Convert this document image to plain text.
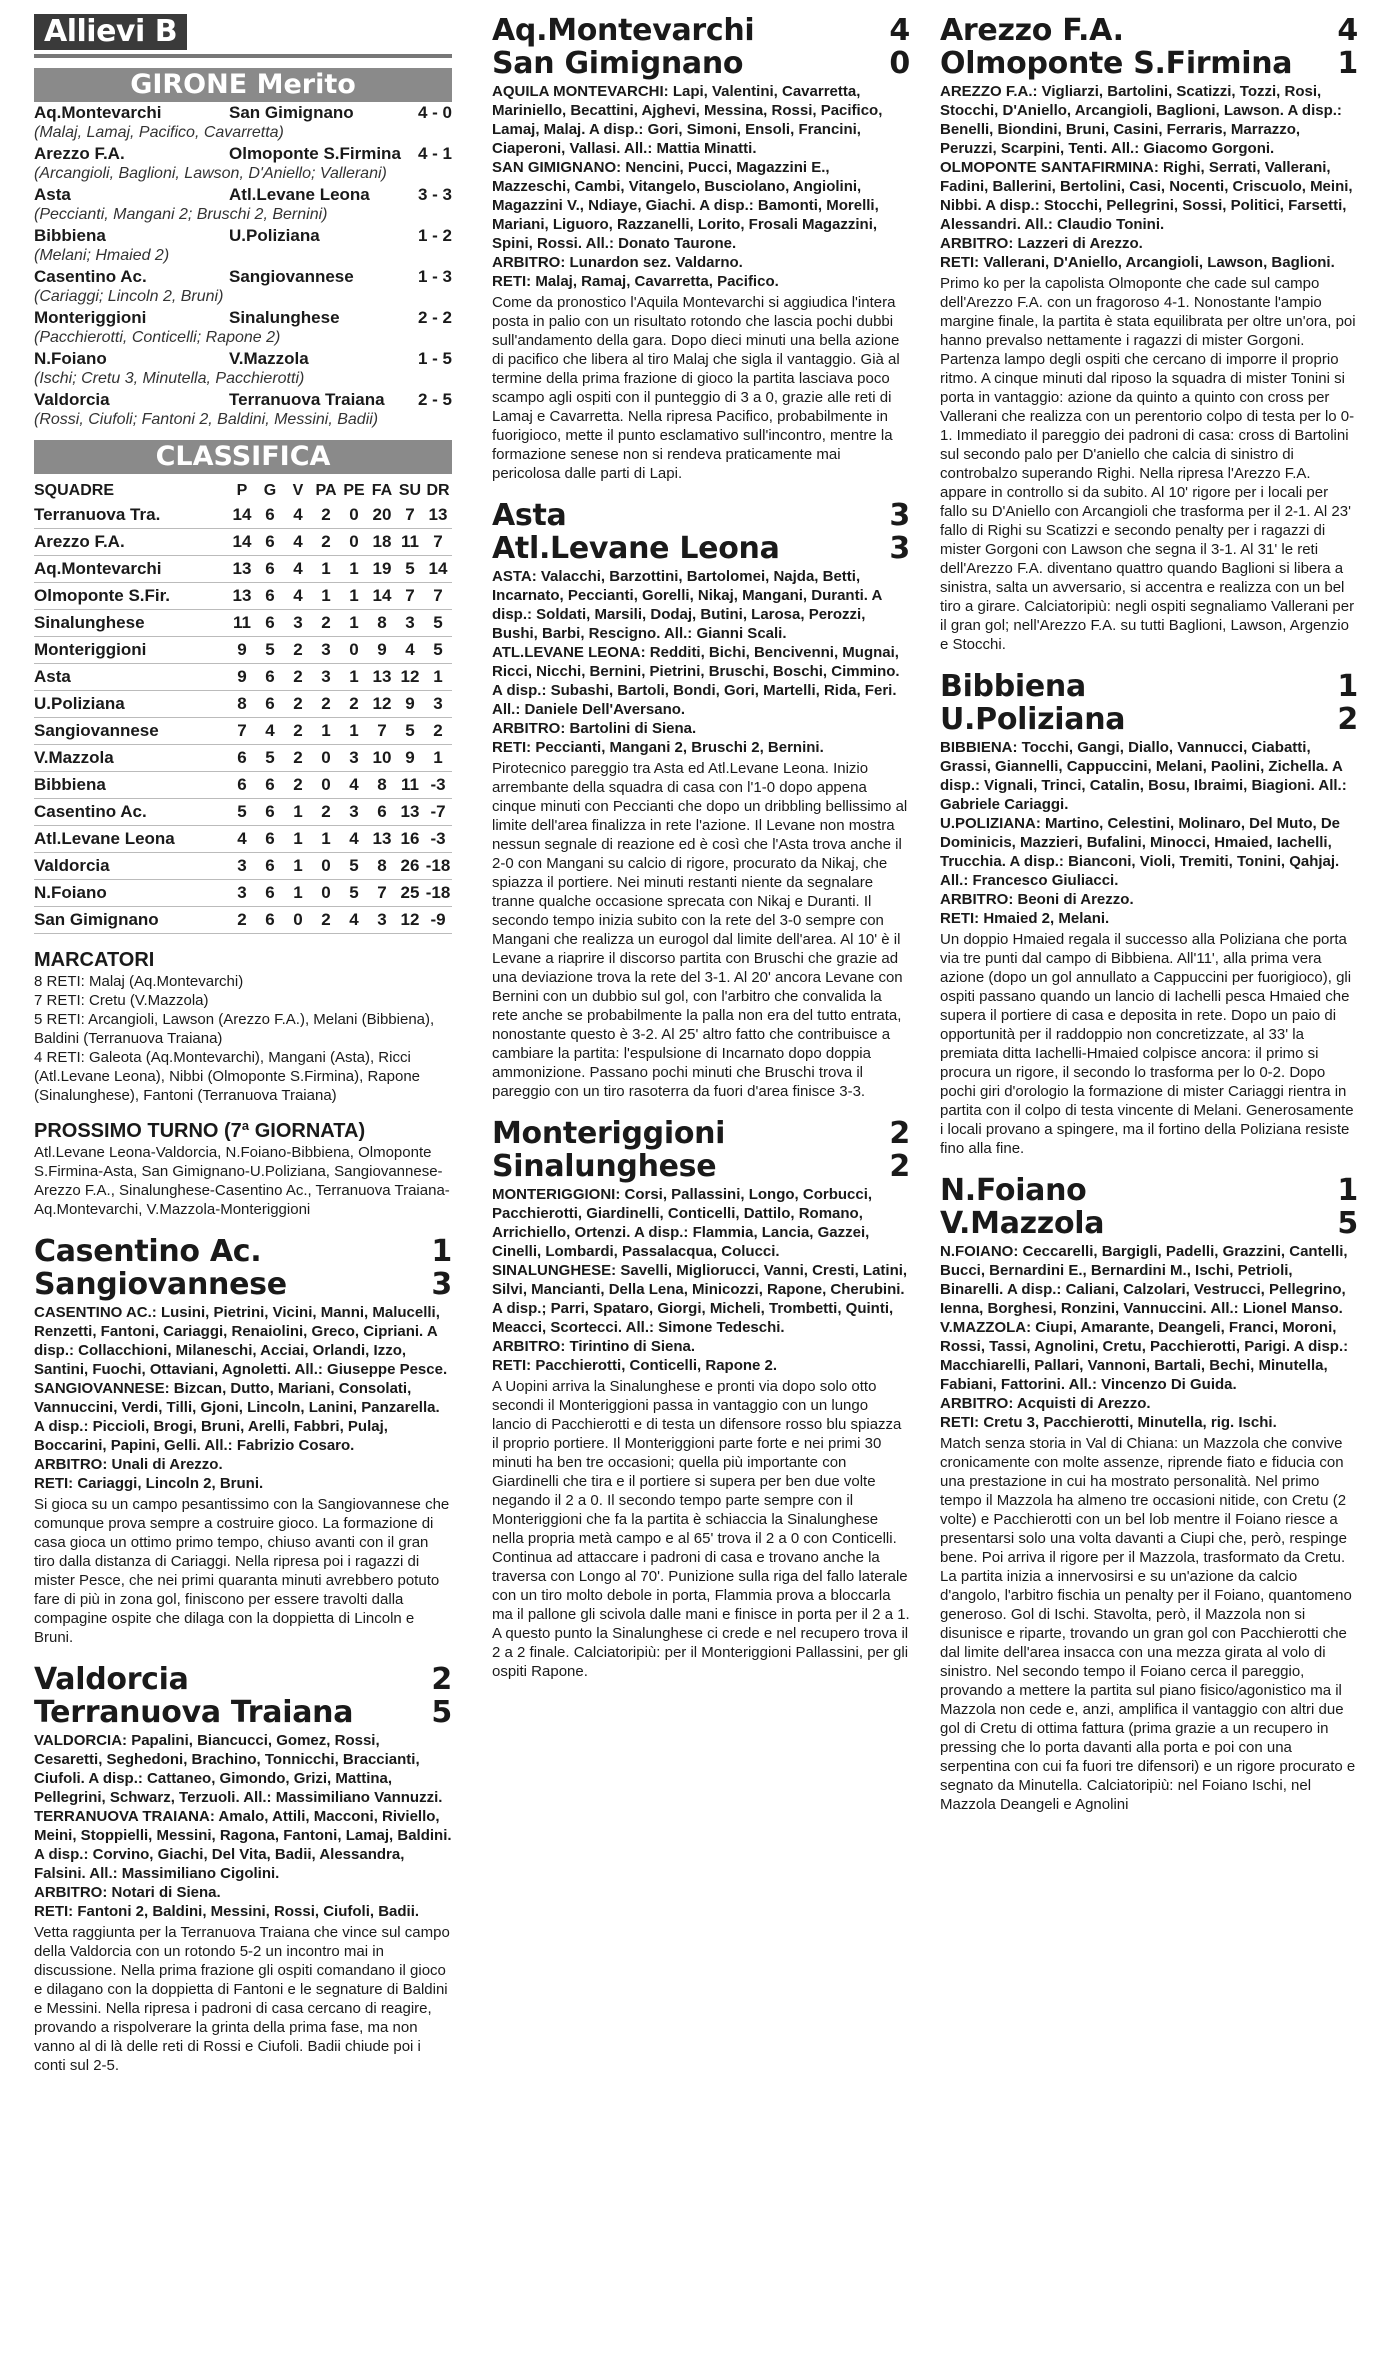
Allievi B
GIRONE Merito
Aq.Montevarchi	San Gimignano	4 - 0
(Malaj, Lamaj, Pacifico, Cavarretta)
Arezzo F.A.	Olmoponte S.Firmina	4 - 1
(Arcangioli, Baglioni, Lawson, D'Aniello; Vallerani)
Asta	Atl.Levane Leona	3 - 3
(Peccianti, Mangani 2; Bruschi 2, Bernini)
Bibbiena	U.Poliziana	1 - 2
(Melani; Hmaied 2)
Casentino Ac.	Sangiovannese	1 - 3
(Cariaggi; Lincoln 2, Bruni)
Monteriggioni	Sinalunghese	2 - 2
(Pacchierotti, Conticelli; Rapone 2)
N.Foiano	V.Mazzola	1 - 5
(Ischi; Cretu 3, Minutella, Pacchierotti)
Valdorcia	Terranuova Traiana	2 - 5
(Rossi, Ciufoli; Fantoni 2, Baldini, Messini, Badii)
CLASSIFICA
SQUADRE	P	G	V	PA	PE	FA	SU	DR
Terranuova Tra.	14	6	4	2	0	20	7	13
Arezzo F.A.	14	6	4	2	0	18	11	7
Aq.Montevarchi	13	6	4	1	1	19	5	14
Olmoponte S.Fir.	13	6	4	1	1	14	7	7
Sinalunghese	11	6	3	2	1	8	3	5
Monteriggioni	9	5	2	3	0	9	4	5
Asta	9	6	2	3	1	13	12	1
U.Poliziana	8	6	2	2	2	12	9	3
Sangiovannese	7	4	2	1	1	7	5	2
V.Mazzola	6	5	2	0	3	10	9	1
Bibbiena	6	6	2	0	4	8	11	-3
Casentino Ac.	5	6	1	2	3	6	13	-7
Atl.Levane Leona	4	6	1	1	4	13	16	-3
Valdorcia	3	6	1	0	5	8	26	-18
N.Foiano	3	6	1	0	5	7	25	-18
San Gimignano	2	6	0	2	4	3	12	-9
MARCATORI
8 RETI: Malaj (Aq.Montevarchi)
7 RETI: Cretu (V.Mazzola)
5 RETI: Arcangioli, Lawson (Arezzo F.A.), Melani (Bibbiena), Baldini (Terranuova Traiana)
4 RETI: Galeota (Aq.Montevarchi), Mangani (Asta), Ricci (Atl.Levane Leona), Nibbi (Olmoponte S.Firmina), Rapone (Sinalunghese), Fantoni (Terranuova Traiana)
PROSSIMO TURNO (7ª GIORNATA)
Atl.Levane Leona-Valdorcia, N.Foiano-Bibbiena, Olmoponte S.Firmina-Asta, San Gimignano-U.Poliziana, Sangiovannese-Arezzo F.A., Sinalunghese-Casentino Ac., Terranuova Traiana-Aq.Montevarchi, V.Mazzola-Monteriggioni
Casentino Ac.	1
Sangiovannese	3
CASENTINO AC.: Lusini, Pietrini, Vicini, Manni, Malucelli, Renzetti, Fantoni, Cariaggi, Renaiolini, Greco, Cipriani. A disp.: Collacchioni, Milaneschi, Acciai, Orlandi, Izzo, Santini, Fuochi, Ottaviani, Agnoletti. All.: Giuseppe Pesce.
SANGIOVANNESE: Bizcan, Dutto, Mariani, Consolati, Vannuccini, Verdi, Tilli, Gjoni, Lincoln, Lanini, Panzarella. A disp.: Piccioli, Brogi, Bruni, Arelli, Fabbri, Pulaj, Boccarini, Papini, Gelli. All.: Fabrizio Cosaro.
ARBITRO: Unali di Arezzo.
RETI: Cariaggi, Lincoln 2, Bruni.
Si gioca su un campo pesantissimo con la Sangiovannese che comunque prova sempre a costruire gioco. La formazione di casa gioca un ottimo primo tempo, chiuso avanti con il gran tiro dalla distanza di Cariaggi. Nella ripresa poi i ragazzi di mister Pesce, che nei primi quaranta minuti avrebbero potuto fare di più in zona gol, finiscono per essere travolti dalla compagine ospite che dilaga con la doppietta di Lincoln e Bruni.
Valdorcia	2
Terranuova Traiana	5
VALDORCIA: Papalini, Biancucci, Gomez, Rossi, Cesaretti, Seghedoni, Brachino, Tonnicchi, Bracciantі, Ciufoli. A disp.: Cattaneo, Gimondo, Grizi, Mattina, Pellegrini, Schwarz, Terzuoli. All.: Massimiliano Vannuzzi.
TERRANUOVA TRAIANA: Amalo, Attili, Macconi, Riviello, Meini, Stoppielli, Messini, Ragona, Fantoni, Lamaj, Baldini. A disp.: Corvino, Giachi, Del Vita, Badii, Alessandra, Falsini. All.: Massimiliano Cigolini.
ARBITRO: Notari di Siena.
RETI: Fantoni 2, Baldini, Messini, Rossi, Ciufoli, Badii.
Vetta raggiunta per la Terranuova Traiana che vince sul campo della Valdorcia con un rotondo 5-2 un incontro mai in discussione. Nella prima frazione gli ospiti comandano il gioco e dilagano con la doppietta di Fantoni e le segnature di Baldini e Messini. Nella ripresa i padroni di casa cercano di reagire, provando a rispolverare la grinta della prima fase, ma non vanno al di là delle reti di Rossi e Ciufoli. Badii chiude poi i conti sul 2-5.
Aq.Montevarchi	4
San Gimignano	0
AQUILA MONTEVARCHI: Lapi, Valentini, Cavarretta, Mariniello, Becattini, Ajghevi, Messina, Rossi, Pacifico, Lamaj, Malaj. A disp.: Gori, Simoni, Ensoli, Francini, Ciaperoni, Vallasi. All.: Mattia Minatti.
SAN GIMIGNANO: Nencini, Pucci, Magazzini E., Mazzeschi, Cambi, Vitangelo, Busciolano, Angiolini, Magazzini V., Ndiaye, Giachi. A disp.: Bamonti, Morelli, Mariani, Liguoro, Razzanelli, Lorito, Frosali Magazzini, Spini, Rossi. All.: Donato Taurone.
ARBITRO: Lunardon sez. Valdarno.
RETI: Malaj, Ramaj, Cavarretta, Pacifico.
Come da pronostico l'Aquila Montevarchi si aggiudica l'intera posta in palio con un risultato rotondo che lascia pochi dubbi sull'andamento della gara. Dopo dieci minuti una bella azione di pacifico che libera al tiro Malaj che sigla il vantaggio. Già al termine della prima frazione di gioco la partita lasciava poco scampo agli ospiti con il punteggio di 3 a 0, grazie alle reti di Lamaj e Cavarretta. Nella ripresa Pacifico, probabilmente in fuorigioco, mette il punto esclamativo sull'incontro, mentre la formazione senese non si rendeva praticamente mai pericolosa dalle parti di Lapi.
Asta	3
Atl.Levane Leona	3
ASTA: Valacchi, Barzottini, Bartolomei, Najda, Betti, Incarnato, Peccianti, Gorelli, Nikaj, Mangani, Duranti. A disp.: Soldati, Marsili, Dodaj, Butini, Larosa, Perozzi, Bushi, Barbi, Rescigno. All.: Gianni Scali.
ATL.LEVANE LEONA: Redditi, Bichi, Bencivenni, Mugnai, Ricci, Nicchi, Bernini, Pietrini, Bruschi, Boschi, Cimmino. A disp.: Subashi, Bartoli, Bondi, Gori, Martelli, Rida, Feri. All.: Daniele Dell'Aversano.
ARBITRO: Bartolini di Siena.
RETI: Peccianti, Mangani 2, Bruschi 2, Bernini.
Pirotecnico pareggio tra Asta ed Atl.Levane Leona. Inizio arrembante della squadra di casa con l'1-0 dopo appena cinque minuti con Peccianti che dopo un dribbling bellissimo al limite dell'area finalizza in rete l'azione. Il Levane non mostra nessun segnale di reazione ed è così che l'Asta trova anche il 2-0 con Mangani su calcio di rigore, procurato da Nikaj, che spiazza il portiere. Nei minuti restanti niente da segnalare tranne qualche occasione sprecata con Nikaj e Duranti. Il secondo tempo inizia subito con la rete del 3-0 sempre con Mangani che realizza un eurogol dal limite dell'area. Al 10' è il Levane a riaprire il discorso partita con Bruschi che grazie ad una deviazione trova la rete del 3-1. Al 20' ancora Levane con Bernini con un dubbio sul gol, con l'arbitro che convalida la rete anche se probabilmente la palla non era del tutto entrata, nonostante questo è 3-2. Al 25' altro fatto che contribuisce a cambiare la partita: l'espulsione di Incarnato dopo doppia ammonizione. Passano pochi minuti che Bruschi trova il pareggio con un tiro rasoterra da fuori d'area finisce 3-3.
Monteriggioni	2
Sinalunghese	2
MONTERIGGIONI: Corsi, Pallassini, Longo, Corbucci, Pacchierotti, Giardinelli, Conticelli, Dattilo, Romano, Arrichiello, Ortenzi. A disp.: Flammia, Lancia, Gazzei, Cinelli, Lombardi, Passalacqua, Colucci.
SINALUNGHESE: Savelli, Migliorucci, Vanni, Cresti, Latini, Silvi, Mancianti, Della Lena, Minicozzi, Rapone, Cherubini. A disp.; Parri, Spataro, Giorgi, Micheli, Trombetti, Quinti, Meacci, Scortecci. All.: Simone Tedeschi.
ARBITRO: Tirintino di Siena.
RETI: Pacchierotti, Conticelli, Rapone 2.
A Uopini arriva la Sinalunghese e pronti via dopo solo otto secondi il Monteriggioni passa in vantaggio con un lungo lancio di Pacchierotti e di testa un difensore rosso blu spiazza il proprio portiere. Il Monteriggioni parte forte e nei primi 30 minuti ha ben tre occasioni; quella più importante con Giardinelli che tira e il portiere si supera per ben due volte negando il 2 a 0. Il secondo tempo parte sempre con il Monteriggioni che fa la partita è schiaccia la Sinalunghese nella propria metà campo e al 65' trova il 2 a 0 con Conticelli. Continua ad attaccare i padroni di casa e trovano anche la traversa con Longo al 70'. Punizione sulla riga del fallo laterale con un tiro molto debole in porta, Flammia prova a bloccarla ma il pallone gli scivola dalle mani e finisce in porta per il 2 a 1. A questo punto la Sinalunghese ci crede e nel recupero trova il 2 a 2 finale. Calciatoripiù: per il Monteriggioni Pallassini, per gli ospiti Rapone.
Arezzo F.A.	4
Olmoponte S.Firmina	1
AREZZO F.A.: Vigliarzi, Bartolini, Scatizzi, Tozzi, Rosi, Stocchi, D'Aniello, Arcangioli, Baglioni, Lawson. A disp.: Benelli, Biondini, Bruni, Casini, Ferraris, Marrazzo, Peruzzi, Scarpini, Tenti. All.: Giacomo Gorgoni.
OLMOPONTE SANTAFIRMINA: Righi, Serrati, Vallerani, Fadini, Ballerini, Bertolini, Casi, Nocenti, Criscuolo, Meini, Nibbi. A disp.: Stocchi, Pellegrini, Sossi, Politici, Farsetti, Alessandri. All.: Claudio Tonini.
ARBITRO: Lazzeri di Arezzo.
RETI: Vallerani, D'Aniello, Arcangioli, Lawson, Baglioni.
Primo ko per la capolista Olmoponte che cade sul campo dell'Arezzo F.A. con un fragoroso 4-1. Nonostante l'ampio margine finale, la partita è stata equilibrata per oltre un'ora, poi hanno prevalso nettamente i ragazzi di mister Gorgoni. Partenza lampo degli ospiti che cercano di imporre il proprio ritmo. A cinque minuti dal riposo la squadra di mister Tonini si porta in vantaggio: azione da quinto a quinto con cross per Vallerani che realizza con un perentorio colpo di testa per lo 0-1. Immediato il pareggio dei padroni di casa: cross di Bartolini sul secondo palo per D'aniello che calcia di sinistro di controbalzo superando Righi. Nella ripresa l'Arezzo F.A. appare in controllo si da subito. Al 10' rigore per i locali per fallo su D'Aniello con Arcangioli che trasforma per il 2-1. Al 23' fallo di Righi su Scatizzi e secondo penalty per i ragazzi di mister Gorgoni con Lawson che segna il 3-1. Al 31' le reti dell'Arezzo F.A. diventano quattro quando Baglioni si libera a sinistra, salta un avversario, si accentra e realizza con un bel tiro a girare. Calciatoripiù: negli ospiti segnaliamo Vallerani per il gran gol; nell'Arezzo F.A. su tutti Baglioni, Lawson, Argenzio e Stocchi.
Bibbiena	1
U.Poliziana	2
BIBBIENA: Tocchi, Gangi, Diallo, Vannucci, Ciabatti, Grassi, Giannelli, Cappuccini, Melani, Paolini, Zichella. A disp.: Vignali, Trinci, Catalin, Bosu, Ibraimi, Biagioni. All.: Gabriele Cariaggi.
U.POLIZIANA: Martino, Celestini, Molinaro, Del Muto, De Dominicis, Mazzieri, Bufalini, Minocci, Hmaied, Iachelli, Trucchia. A disp.: Bianconi, Violi, Tremiti, Tonini, Qahjaj. All.: Francesco Giuliacci.
ARBITRO: Beoni di Arezzo.
RETI: Hmaied 2, Melani.
Un doppio Hmaied regala il successo alla Poliziana che porta via tre punti dal campo di Bibbiena. All'11', alla prima vera azione (dopo un gol annullato a Cappuccini per fuorigioco), gli ospiti passano quando un lancio di Iachelli pesca Hmaied che supera il portiere di casa e deposita in rete. Dopo un paio di opportunità per il raddoppio non concretizzate, al 33' la premiata ditta Iachelli-Hmaied colpisce ancora: il primo si procura un rigore, il secondo lo trasforma per lo 0-2. Dopo pochi giri d'orologio la formazione di mister Cariaggi rientra in partita con il colpo di testa vincente di Melani. Generosamente i locali provano a spingere, ma il fortino della Poliziana resiste fino alla fine.
N.Foiano	1
V.Mazzola	5
N.FOIANO: Ceccarelli, Bargigli, Padelli, Grazzini, Cantelli, Bucci, Bernardini E., Bernardini M., Ischi, Petrioli, Binarelli. A disp.: Caliani, Calzolari, Vestrucci, Pellegrino, Ienna, Borghesi, Ronzini, Vannuccini. All.: Lionel Manso.
V.MAZZOLA: Ciupi, Amarante, Deangeli, Franci, Moroni, Rossi, Tassi, Agnolini, Cretu, Pacchierotti, Parigi. A disp.: Macchiarelli, Pallari, Vannoni, Bartali, Bechi, Minutella, Fabiani, Fattorini. All.: Vincenzo Di Guida.
ARBITRO: Acquisti di Arezzo.
RETI: Cretu 3, Pacchierotti, Minutella, rig. Ischi.
Match senza storia in Val di Chiana: un Mazzola che convive cronicamente con molte assenze, riprende fiato e fiducia con una prestazione in cui ha mostrato personalità. Nel primo tempo il Mazzola ha almeno tre occasioni nitide, con Cretu (2 volte) e Pacchierotti con un bel lob mentre il Foiano riesce a presentarsi solo una volta davanti a Ciupi che, però, respinge bene. Poi arriva il rigore per il Mazzola, trasformato da Cretu. La partita inizia a innervosirsi e su un'azione da calcio d'angolo, l'arbitro fischia un penalty per il Foiano, quantomeno generoso. Gol di Ischi. Stavolta, però, il Mazzola non si disunisce e riparte, trovando un gran gol con Pacchierotti che dal limite dell'area insacca con una mezza girata al volo di sinistro. Nel secondo tempo il Foiano cerca il pareggio, provando a mettere la partita sul piano fisico/agonistico ma il Mazzola non cede e, anzi, amplifica il vantaggio con altri due gol di Cretu di ottima fattura (prima grazie a un recupero in pressing che lo porta davanti alla porta e poi con una serpentina con cui fa fuori tre difensori) e un rigore procurato e segnato da Minutella. Calciatoripiù: nel Foiano Ischi, nel Mazzola Deangeli e Agnolini
